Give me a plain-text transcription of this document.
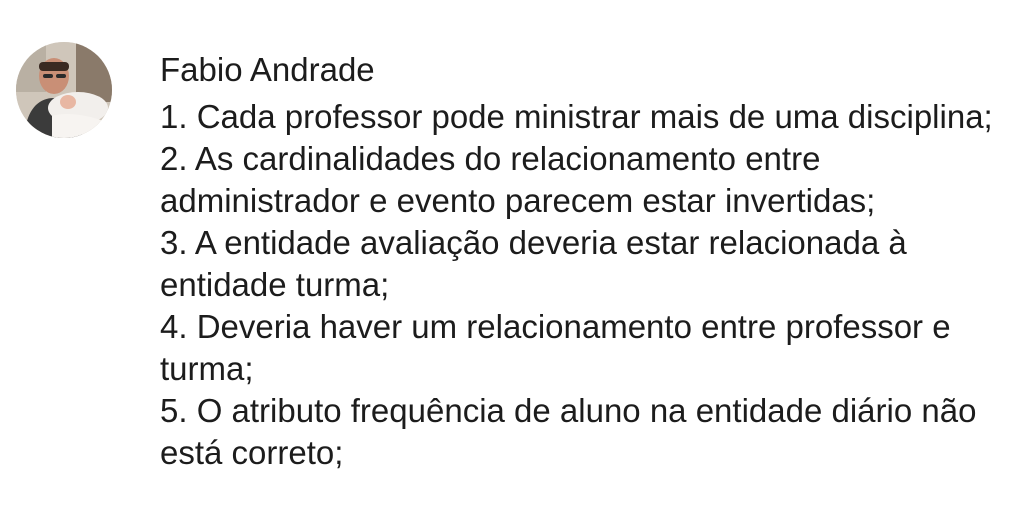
Fabio Andrade
1. Cada professor pode ministrar mais de uma disciplina;
2. As cardinalidades do relacionamento entre administrador e evento parecem estar invertidas;
3. A entidade avaliação deveria estar relacionada à entidade turma;
4. Deveria haver um relacionamento entre professor e turma;
5. O atributo frequência de aluno na entidade diário não está correto;
